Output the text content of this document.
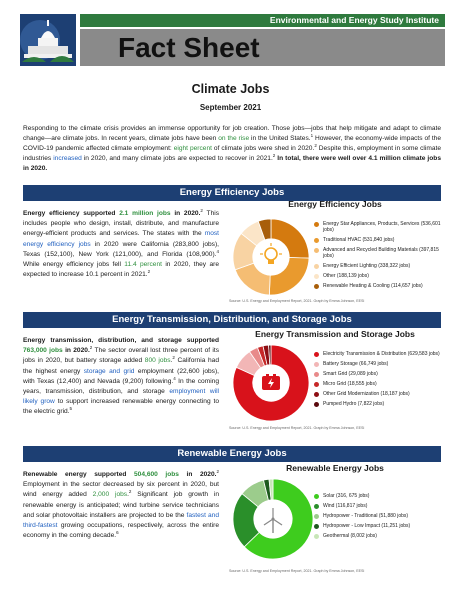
Environmental and Energy Study Institute
Fact Sheet
Climate Jobs
September 2021
Responding to the climate crisis provides an immense opportunity for job creation. Those jobs—jobs that help mitigate and adapt to climate change—are climate jobs. In recent years, climate jobs have been on the rise in the United States.$^1$ However, the economy-wide impacts of the COVID-19 pandemic affected climate employment: eight percent of climate jobs were shed in 2020.$^2$ Despite this, employment in some climate industries increased in 2020, and many climate jobs are expected to recover in 2021.$^2$ In total, there were well over 4.1 million climate jobs in 2020.
Energy Efficiency Jobs
Energy efficiency supported 2.1 million jobs in 2020.$^2$ This includes people who design, install, distribute, and manufacture energy-efficient products and services. The states with the most energy efficiency jobs in 2020 were California (283,800 jobs), Texas (152,100), New York (121,000), and Florida (108,900).$^4$ While energy efficiency jobs fell 11.4 percent in 2020, they are expected to increase 10.1 percent in 2021.$^2$
Energy Efficiency Jobs
Energy Star Appliances, Products, Services (536,601 jobs)
Traditional HVAC (531,840 jobs)
Advanced and Recycled Building Materials (397,815 jobs)
Energy Efficient Lighting (338,322 jobs)
Other (188,139 jobs)
Renewable Heating & Cooling (114,657 jobs)
Source: U.S. Energy and Employment Report, 2021. Graph by Emma Johnson, EESI
Energy Transmission, Distribution, and Storage Jobs
Energy transmission, distribution, and storage supported 763,000 jobs in 2020.$^2$ The sector overall lost three percent of its jobs in 2020, but battery storage added 800 jobs.$^2$ California had the highest energy storage and grid employment (22,600 jobs), with Texas (12,400) and Nevada (9,200) following.$^4$ In the coming years, transmission, distribution, and storage employment will likely grow to support increased renewable energy connecting to the electric grid.$^5$
Energy Transmission and Storage Jobs
Electricity Transmission & Distribution (629,583 jobs)
Battery Storage (66,749 jobs)
Smart Grid (29,089 jobs)
Micro Grid (18,555 jobs)
Other Grid Modernization (18,187 jobs)
Pumped Hydro (7,822 jobs)
Source: U.S. Energy and Employment Report, 2021. Graph by Emma Johnson, EESI
Renewable Energy Jobs
Renewable energy supported 504,600 jobs in 2020.$^2$ Employment in the sector decreased by six percent in 2020, but wind energy added 2,000 jobs.$^2$ Significant job growth in renewable energy is anticipated; wind turbine service technicians and solar photovoltaic installers are projected to be the fastest and third-fastest growing occupations, respectively, across the entire economy in the coming decade.$^6$
Renewable Energy Jobs
Solar (316, 675 jobs)
Wind (116,817 jobs)
Hydropower - Traditional (51,880 jobs)
Hydropower - Low Impact (11,251 jobs)
Geothermal (8,002 jobs)
Source: U.S. Energy and Employment Report, 2021. Graph by Emma Johnson, EESI
